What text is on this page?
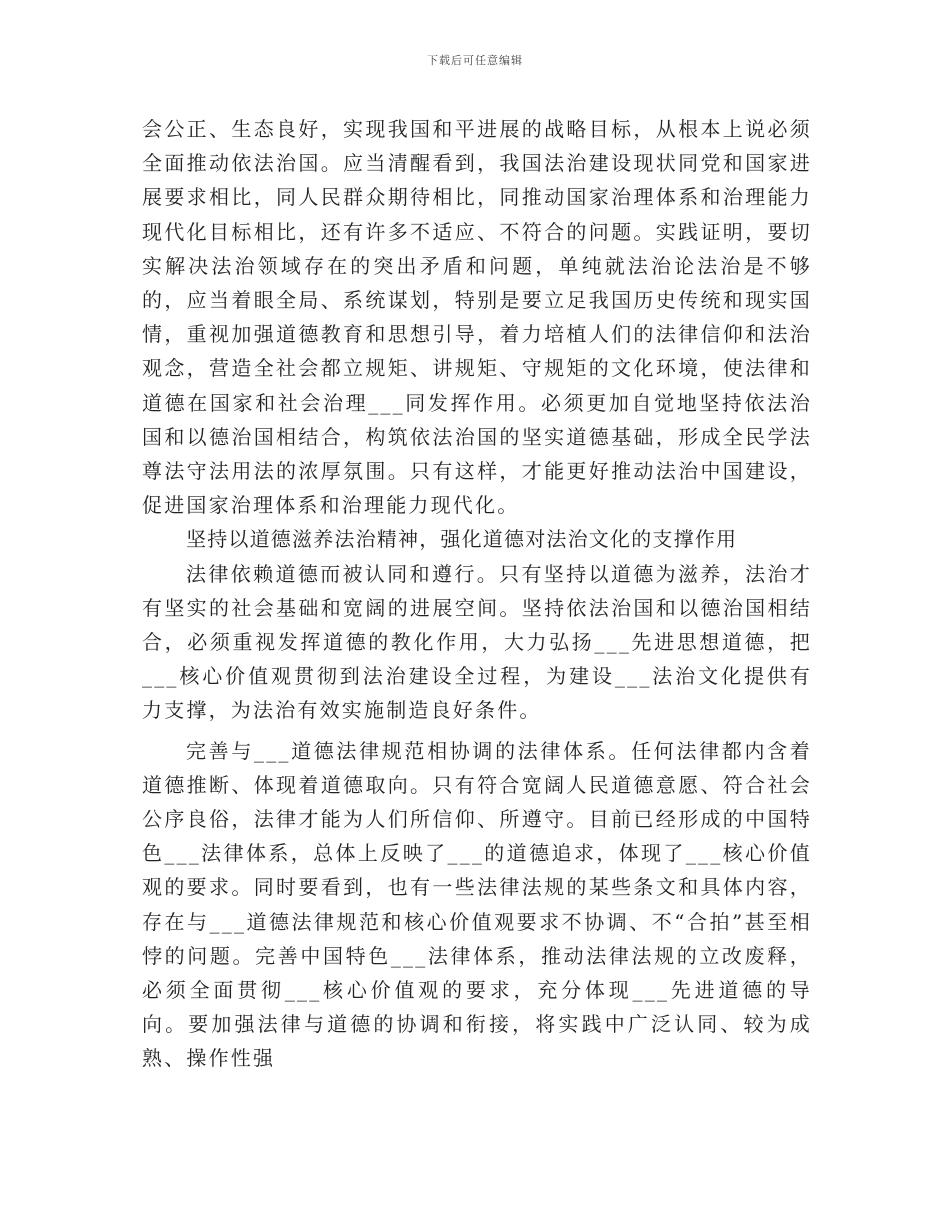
下载后可任意编辑

会公正、生态良好，实现我国和平进展的战略目标，从根本上说必须全面推动依法治国。应当清醒看到，我国法治建设现状同党和国家进展要求相比，同人民群众期待相比，同推动国家治理体系和治理能力现代化目标相比，还有许多不适应、不符合的问题。实践证明，要切实解决法治领域存在的突出矛盾和问题，单纯就法治论法治是不够的，应当着眼全局、系统谋划，特别是要立足我国历史传统和现实国情，重视加强道德教育和思想引导，着力培植人们的法律信仰和法治观念，营造全社会都立规矩、讲规矩、守规矩的文化环境，使法律和道德在国家和社会治理___同发挥作用。必须更加自觉地坚持依法治国和以德治国相结合，构筑依法治国的坚实道德基础，形成全民学法尊法守法用法的浓厚氛围。只有这样，才能更好推动法治中国建设，促进国家治理体系和治理能力现代化。

坚持以道德滋养法治精神，强化道德对法治文化的支撑作用

法律依赖道德而被认同和遵行。只有坚持以道德为滋养，法治才有坚实的社会基础和宽阔的进展空间。坚持依法治国和以德治国相结合，必须重视发挥道德的教化作用，大力弘扬___先进思想道德，把___核心价值观贯彻到法治建设全过程，为建设___法治文化提供有力支撑，为法治有效实施制造良好条件。

完善与___道德法律规范相协调的法律体系。任何法律都内含着道德推断、体现着道德取向。只有符合宽阔人民道德意愿、符合社会公序良俗，法律才能为人们所信仰、所遵守。目前已经形成的中国特色___法律体系，总体上反映了___的道德追求，体现了___核心价值观的要求。同时要看到，也有一些法律法规的某些条文和具体内容，存在与___道德法律规范和核心价值观要求不协调、不“合拍”甚至相悖的问题。完善中国特色___法律体系，推动法律法规的立改废释，必须全面贯彻___核心价值观的要求，充分体现___先进道德的导向。要加强法律与道德的协调和衔接，将实践中广泛认同、较为成熟、操作性强
